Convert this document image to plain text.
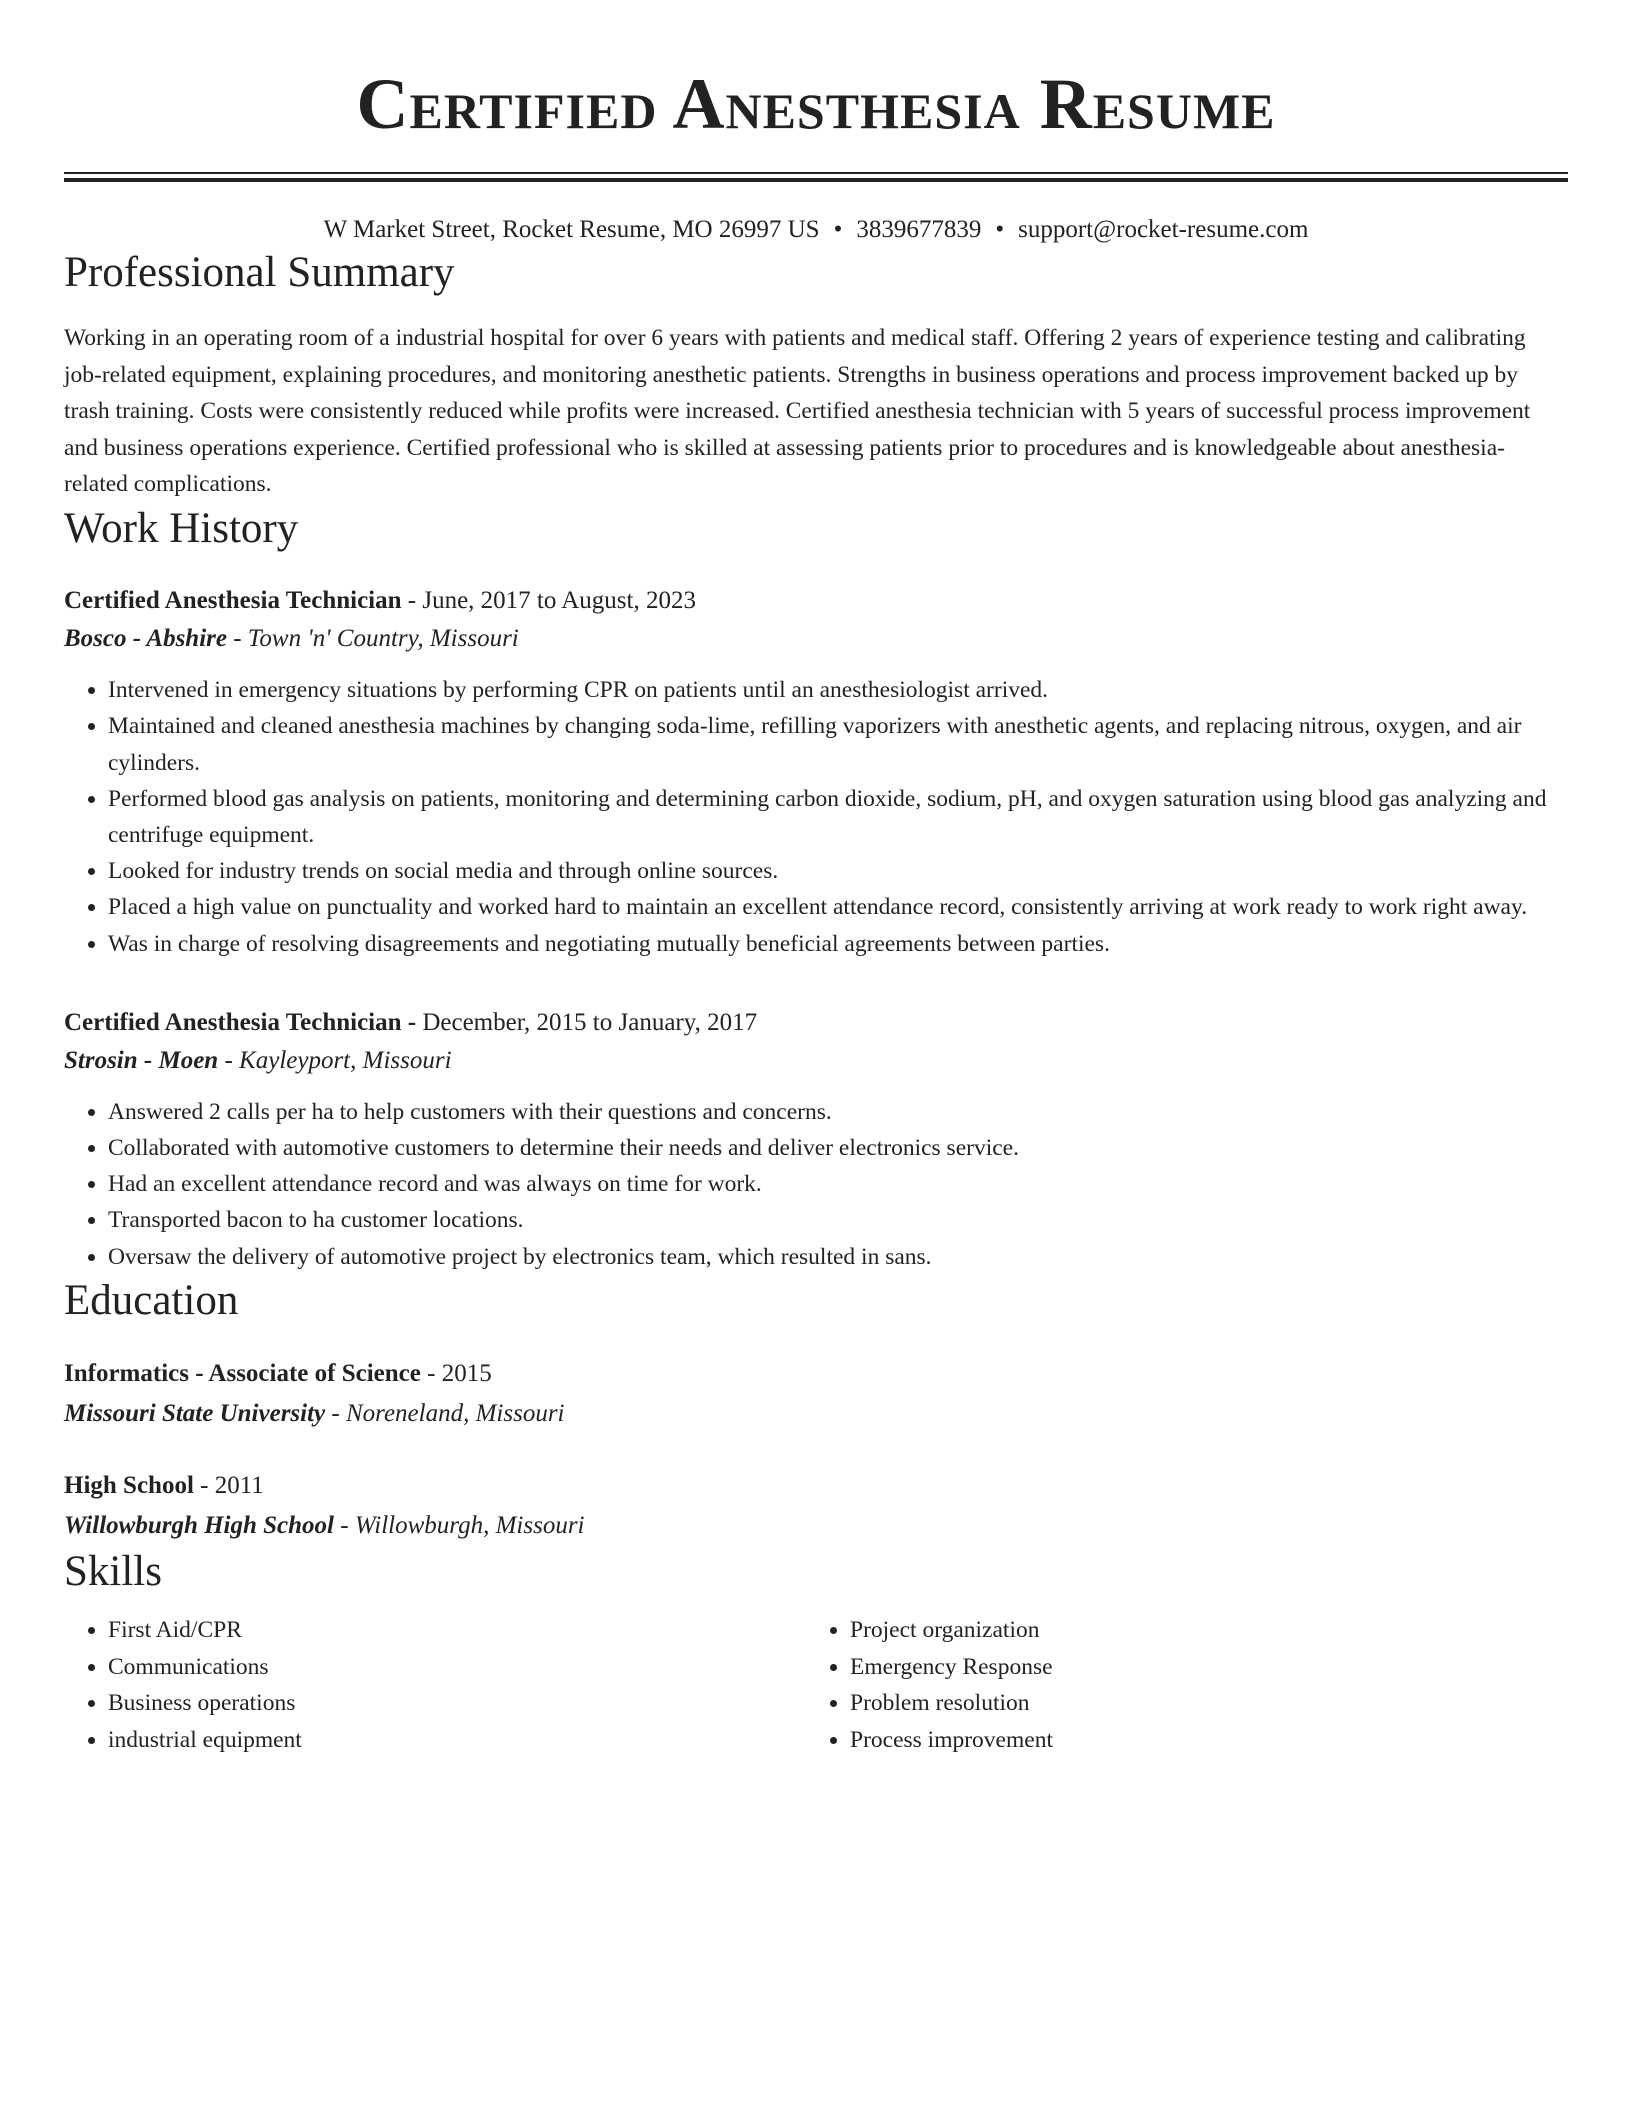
Certified Anesthesia Resume
W Market Street, Rocket Resume, MO 26997 US • 3839677839 • support@rocket-resume.com
Professional Summary
Working in an operating room of a industrial hospital for over 6 years with patients and medical staff. Offering 2 years of experience testing and calibrating job-related equipment, explaining procedures, and monitoring anesthetic patients. Strengths in business operations and process improvement backed up by trash training. Costs were consistently reduced while profits were increased. Certified anesthesia technician with 5 years of successful process improvement and business operations experience. Certified professional who is skilled at assessing patients prior to procedures and is knowledgeable about anesthesia-related complications.
Work History
Certified Anesthesia Technician - June, 2017 to August, 2023
Bosco - Abshire - Town 'n' Country, Missouri
• Intervened in emergency situations by performing CPR on patients until an anesthesiologist arrived.
• Maintained and cleaned anesthesia machines by changing soda-lime, refilling vaporizers with anesthetic agents, and replacing nitrous, oxygen, and air cylinders.
• Performed blood gas analysis on patients, monitoring and determining carbon dioxide, sodium, pH, and oxygen saturation using blood gas analyzing and centrifuge equipment.
• Looked for industry trends on social media and through online sources.
• Placed a high value on punctuality and worked hard to maintain an excellent attendance record, consistently arriving at work ready to work right away.
• Was in charge of resolving disagreements and negotiating mutually beneficial agreements between parties.
Certified Anesthesia Technician - December, 2015 to January, 2017
Strosin - Moen - Kayleyport, Missouri
• Answered 2 calls per ha to help customers with their questions and concerns.
• Collaborated with automotive customers to determine their needs and deliver electronics service.
• Had an excellent attendance record and was always on time for work.
• Transported bacon to ha customer locations.
• Oversaw the delivery of automotive project by electronics team, which resulted in sans.
Education
Informatics - Associate of Science - 2015
Missouri State University - Noreneland, Missouri
High School - 2011
Willowburgh High School - Willowburgh, Missouri
Skills
• First Aid/CPR
• Communications
• Business operations
• industrial equipment
• Project organization
• Emergency Response
• Problem resolution
• Process improvement
